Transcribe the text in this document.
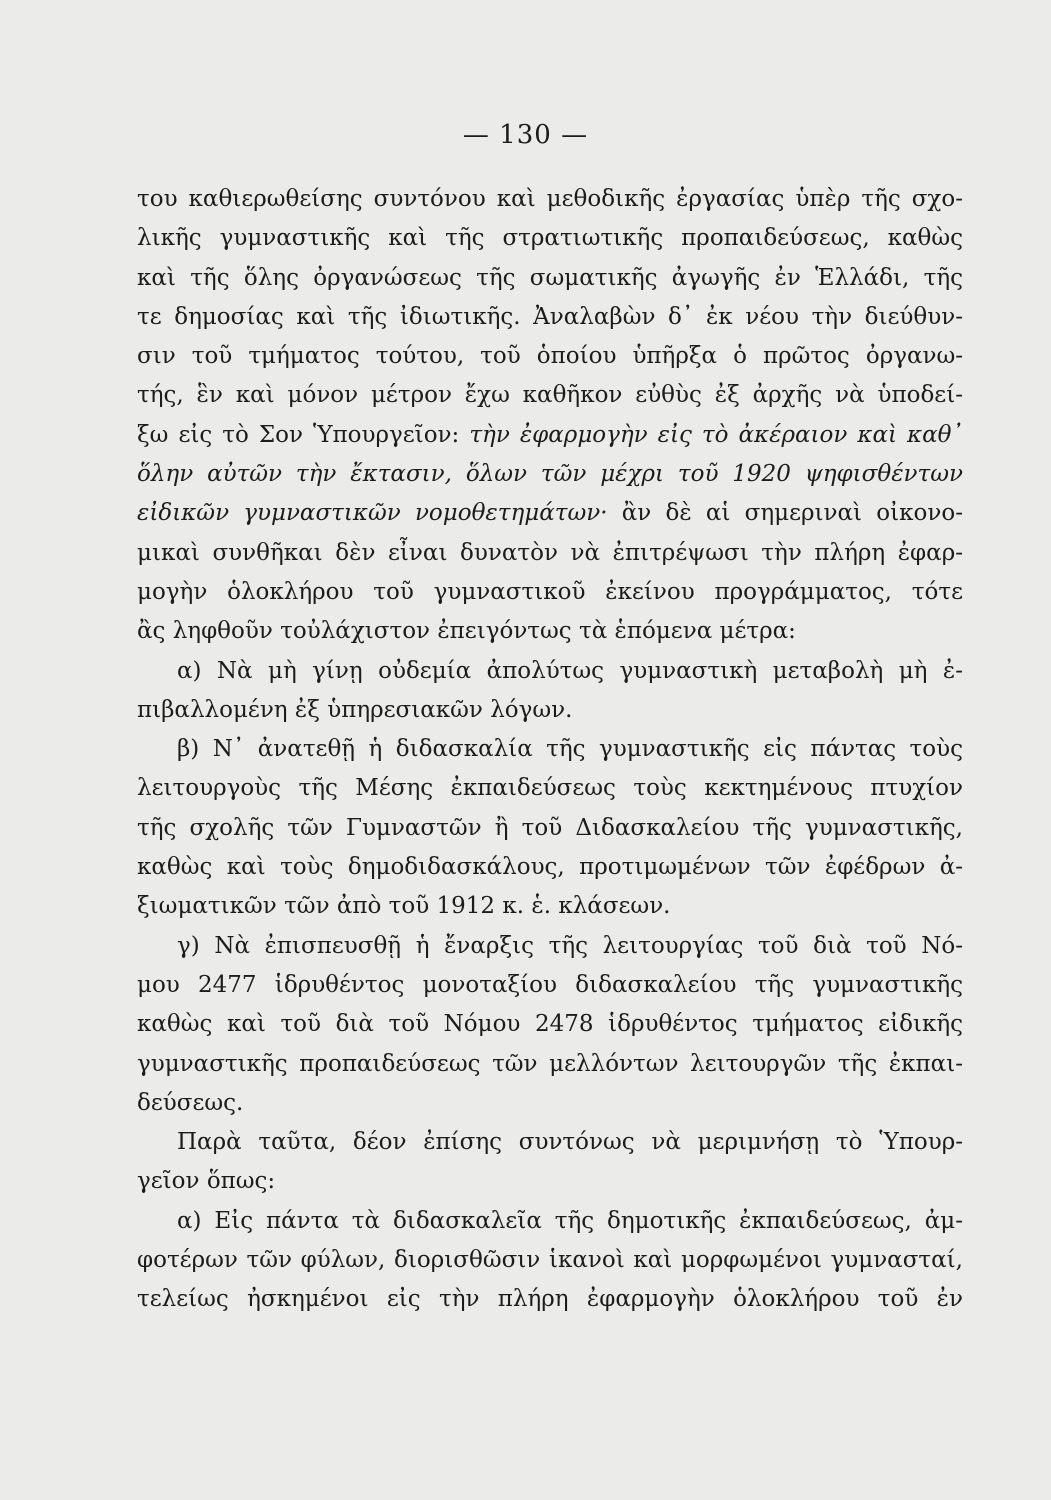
— 130 —
του καθιερωθείσης συντόνου καὶ μεθοδικῆς ἐργασίας ὑπὲρ τῆς σχο-
λικῆς γυμναστικῆς καὶ τῆς στρατιωτικῆς προπαιδεύσεως, καθὼς
καὶ τῆς ὅλης ὀργανώσεως τῆς σωματικῆς ἀγωγῆς ἐν Ἑλλάδι, τῆς
τε δημοσίας καὶ τῆς ἰδιωτικῆς. Ἀναλαβὼν δ᾽ ἐκ νέου τὴν διεύθυν-
σιν τοῦ τμήματος τούτου, τοῦ ὁποίου ὑπῆρξα ὁ πρῶτος ὀργανω-
τής, ἓν καὶ μόνον μέτρον ἔχω καθῆκον εὐθὺς ἐξ ἀρχῆς νὰ ὑποδεί-
ξω εἰς τὸ Σον Ὑπουργεῖον: τὴν ἐφαρμογὴν εἰς τὸ ἀκέραιον καὶ καθ᾽
ὅλην αὐτῶν τὴν ἔκτασιν, ὅλων τῶν μέχρι τοῦ 1920 ψηφισθέντων
εἰδικῶν γυμναστικῶν νομοθετημάτων· ἂν δὲ αἱ σημεριναὶ οἰκονο-
μικαὶ συνθῆκαι δὲν εἶναι δυνατὸν νὰ ἐπιτρέψωσι τὴν πλήρη ἐφαρ-
μογὴν ὁλοκλήρου τοῦ γυμναστικοῦ ἐκείνου προγράμματος, τότε
ἂς ληφθοῦν τοὐλάχιστον ἐπειγόντως τὰ ἑπόμενα μέτρα:
α) Νὰ μὴ γίνῃ οὐδεμία ἀπολύτως γυμναστικὴ μεταβολὴ μὴ ἐ-
πιβαλλομένη ἐξ ὑπηρεσιακῶν λόγων.
β) Ν᾽ ἀνατεθῇ ἡ διδασκαλία τῆς γυμναστικῆς εἰς πάντας τοὺς
λειτουργοὺς τῆς Μέσης ἐκπαιδεύσεως τοὺς κεκτημένους πτυχίον
τῆς σχολῆς τῶν Γυμναστῶν ἢ τοῦ Διδασκαλείου τῆς γυμναστικῆς,
καθὼς καὶ τοὺς δημοδιδασκάλους, προτιμωμένων τῶν ἐφέδρων ἀ-
ξιωματικῶν τῶν ἀπὸ τοῦ 1912 κ. ἑ. κλάσεων.
γ) Νὰ ἐπισπευσθῇ ἡ ἔναρξις τῆς λειτουργίας τοῦ διὰ τοῦ Νό-
μου 2477 ἱδρυθέντος μονοταξίου διδασκαλείου τῆς γυμναστικῆς
καθὼς καὶ τοῦ διὰ τοῦ Νόμου 2478 ἱδρυθέντος τμήματος εἰδικῆς
γυμναστικῆς προπαιδεύσεως τῶν μελλόντων λειτουργῶν τῆς ἐκπαι-
δεύσεως.
Παρὰ ταῦτα, δέον ἐπίσης συντόνως νὰ μεριμνήσῃ τὸ Ὑπουρ-
γεῖον ὅπως:
α) Εἰς πάντα τὰ διδασκαλεῖα τῆς δημοτικῆς ἐκπαιδεύσεως, ἀμ-
φοτέρων τῶν φύλων, διορισθῶσιν ἱκανοὶ καὶ μορφωμένοι γυμνασταί,
τελείως ἠσκημένοι εἰς τὴν πλήρη ἐφαρμογὴν ὁλοκλήρου τοῦ ἐν
